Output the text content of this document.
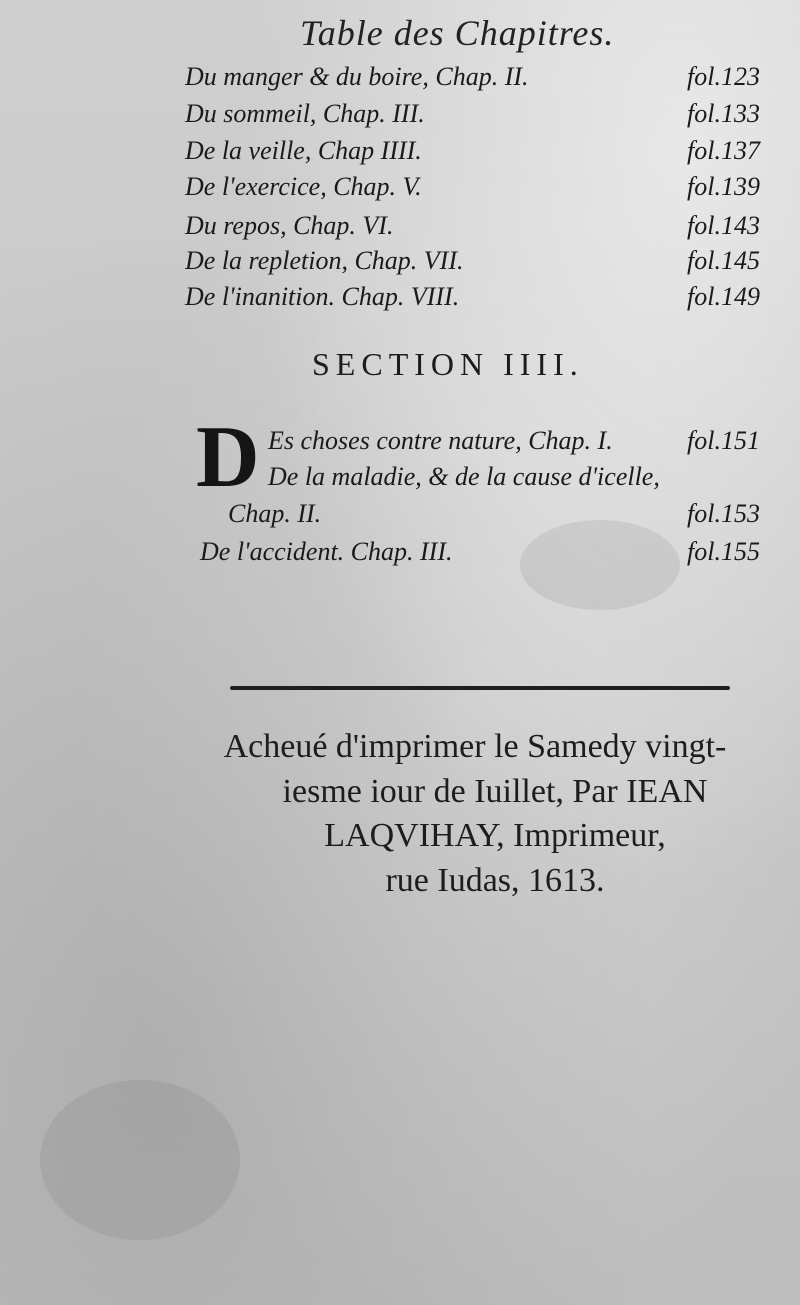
Table des Chapitres.
Du manger & du boire, Chap. II.	fol.123
Du sommeil, Chap. III.	fol.133
De la veille, Chap IIII.	fol.137
De l'exercice, Chap. V.	fol.139
Du repos, Chap. VI.	fol.143
De la repletion, Chap. VII.	fol.145
De l'inanition. Chap. VIII.	fol.149
SECTION IIII.
D Es choses contre nature, Chap. I.	fol.151
De la maladie, & de la cause d'icelle,
Chap. II.	fol.153
De l'accident. Chap. III.	fol.155
Acheué d'imprimer le Samedy vingt-
iesme iour de Iuillet, Par IEAN
LAQVIHAY, Imprimeur,
rue Iudas, 1613.
